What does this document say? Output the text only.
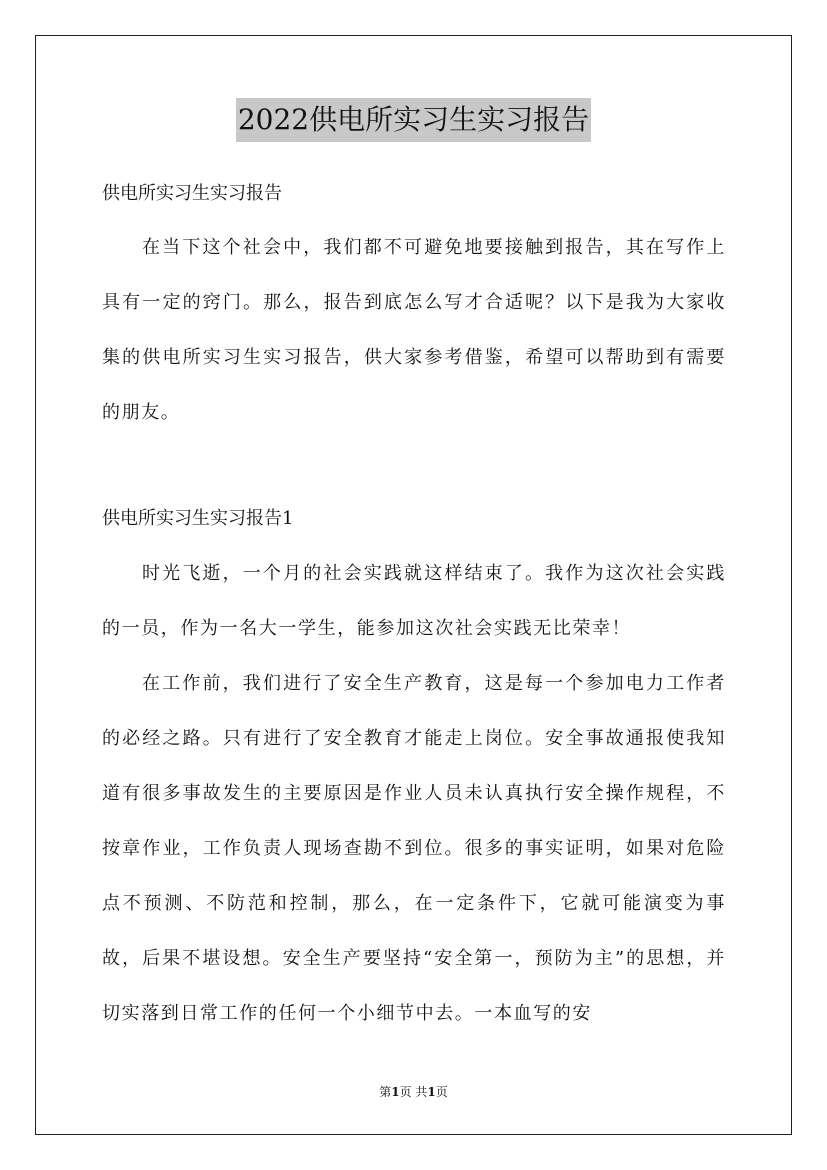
2022供电所实习生实习报告
供电所实习生实习报告

在当下这个社会中，我们都不可避免地要接触到报告，其在写作上具有一定的窍门。那么，报告到底怎么写才合适呢？以下是我为大家收集的供电所实习生实习报告，供大家参考借鉴，希望可以帮助到有需要的朋友。

供电所实习生实习报告1

时光飞逝，一个月的社会实践就这样结束了。我作为这次社会实践的一员，作为一名大一学生，能参加这次社会实践无比荣幸！

在工作前，我们进行了安全生产教育，这是每一个参加电力工作者的必经之路。只有进行了安全教育才能走上岗位。安全事故通报使我知道有很多事故发生的主要原因是作业人员未认真执行安全操作规程，不按章作业，工作负责人现场查勘不到位。很多的事实证明，如果对危险点不预测、不防范和控制，那么，在一定条件下，它就可能演变为事故，后果不堪设想。安全生产要坚持“安全第一，预防为主”的思想，并切实落到日常工作的任何一个小细节中去。一本血写的安

第1页 共1页
